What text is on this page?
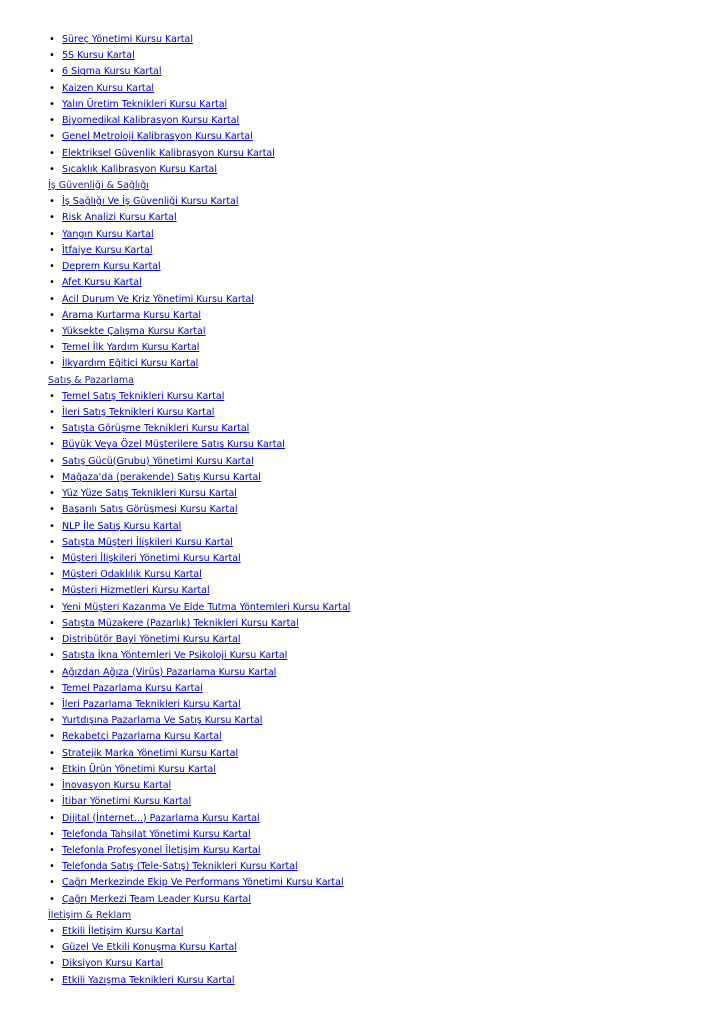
• Süreç Yönetimi Kursu Kartal
• 5S Kursu Kartal
• 6 Sigma Kursu Kartal
• Kaizen Kursu Kartal
• Yalın Üretim Teknikleri Kursu Kartal
• Biyomedikal Kalibrasyon Kursu Kartal
• Genel Metroloji Kalibrasyon Kursu Kartal
• Elektriksel Güvenlik Kalibrasyon Kursu Kartal
• Sıcaklık Kalibrasyon Kursu Kartal
İş Güvenliği & Sağlığı
• İş Sağlığı Ve İş Güvenliği Kursu Kartal
• Risk Analizi Kursu Kartal
• Yangın Kursu Kartal
• İtfaiye Kursu Kartal
• Deprem Kursu Kartal
• Afet Kursu Kartal
• Acil Durum Ve Kriz Yönetimi Kursu Kartal
• Arama Kurtarma Kursu Kartal
• Yüksekte Çalışma Kursu Kartal
• Temel İlk Yardım Kursu Kartal
• İlkyardım Eğitici Kursu Kartal
Satış & Pazarlama
• Temel Satış Teknikleri Kursu Kartal
• İleri Satış Teknikleri Kursu Kartal
• Satışta Görüşme Teknikleri Kursu Kartal
• Büyük Veya Özel Müşterilere Satış Kursu Kartal
• Satış Gücü(Grubu) Yönetimi Kursu Kartal
• Mağaza'da (perakende) Satış Kursu Kartal
• Yüz Yüze Satış Teknikleri Kursu Kartal
• Başarılı Satış Görüşmesi Kursu Kartal
• NLP İle Satış Kursu Kartal
• Satışta Müşteri İlişkileri Kursu Kartal
• Müşteri İlişkileri Yönetimi Kursu Kartal
• Müşteri Odaklılık Kursu Kartal
• Müşteri Hizmetleri Kursu Kartal
• Yeni Müşteri Kazanma Ve Elde Tutma Yöntemleri Kursu Kartal
• Satışta Müzakere (Pazarlık) Teknikleri Kursu Kartal
• Distribütör Bayi Yönetimi Kursu Kartal
• Satışta İkna Yöntemleri Ve Psikoloji Kursu Kartal
• Ağızdan Ağıza (Virüs) Pazarlama Kursu Kartal
• Temel Pazarlama Kursu Kartal
• İleri Pazarlama Teknikleri Kursu Kartal
• Yurtdışına Pazarlama Ve Satış Kursu Kartal
• Rekabetçi Pazarlama Kursu Kartal
• Stratejik Marka Yönetimi Kursu Kartal
• Etkin Ürün Yönetimi Kursu Kartal
• İnovasyon Kursu Kartal
• İtibar Yönetimi Kursu Kartal
• Dijital (İnternet...) Pazarlama Kursu Kartal
• Telefonda Tahsilat Yönetimi Kursu Kartal
• Telefonla Profesyonel İletişim Kursu Kartal
• Telefonda Satış (Tele-Satış) Teknikleri Kursu Kartal
• Çağrı Merkezinde Ekip Ve Performans Yönetimi Kursu Kartal
• Çağrı Merkezi Team Leader Kursu Kartal
İletişim & Reklam
• Etkili İletişim Kursu Kartal
• Güzel Ve Etkili Konuşma Kursu Kartal
• Diksiyon Kursu Kartal
• Etkili Yazışma Teknikleri Kursu Kartal
